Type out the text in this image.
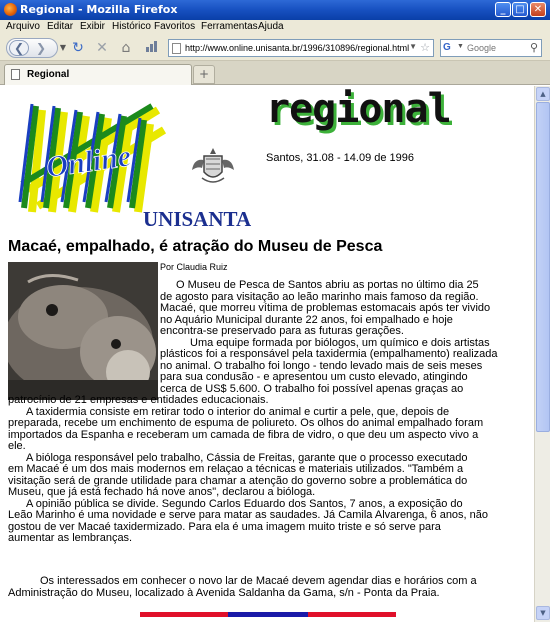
Regional - Mozilla Firefox	_ □ ✕
Arquivo Editar Exibir Histórico Favoritos Ferramentas Ajuda
❮ ❯	▼ ↻ ✕ ⌂	http://www.online.unisanta.br/1996/310896/regional.html ▼ ☆ G ▼
Google	⚲
Regional	+
Online
UNISANTA
regional
Santos, 31.08 - 14.09 de 1996
Macaé, empalhado, é atração do Museu de Pesca
Por Claudia Ruiz
O Museu de Pesca de Santos abriu as portas no último dia 25
de agosto para visitação ao leão marinho mais famoso da região.
Macaé, que morreu vítima de problemas estomacais após ter vivido
no Aquário Municipal durante 22 anos, foi empalhado e hoje
encontra-se preservado para as futuras gerações.
Uma equipe formada por biólogos, um químico e dois artistas
plásticos foi a responsável pela taxidermia (empalhamento) realizada
no animal. O trabalho foi longo - tendo levado mais de seis meses
para sua condusão - e apresentou um custo elevado, atingindo
cerca de US$ 5.600. O trabalho foi possível apenas graças ao
patrocínio de 21 empresas e entidades educacionais.
A taxidermia consiste em retirar todo o interior do animal e curtir a pele, que, depois de
preparada, recebe um enchimento de espuma de poliureto. Os olhos do animal empalhado foram
importados da Espanha e receberam um camada de fibra de vidro, o que deu um aspecto vivo a
ele.
A bióloga responsável pelo trabalho, Cássia de Freitas, garante que o processo executado
em Macaé é um dos mais modernos em relaçao a técnicas e materiais utilizados. "Também a
visitação será de grande utilidade para chamar a atenção do governo sobre a problemática do
Museu, que já está fechado há nove anos", declarou a bióloga.
A opinião pública se divide. Segundo Carlos Eduardo dos Santos, 7 anos, a exposição do
Leão Marinho é uma novidade e serve para matar as saudades. Já Camila Alvarenga, 6 anos, não
gostou de ver Macaé taxidermizado. Para ela é uma imagem muito triste e só serve para
aumentar as lembranças.
Os interessados em conhecer o novo lar de Macaé devem agendar dias e horários com a
Administração do Museu, localizado à Avenida Saldanha da Gama, s/n - Ponta da Praia.
▲
▼
